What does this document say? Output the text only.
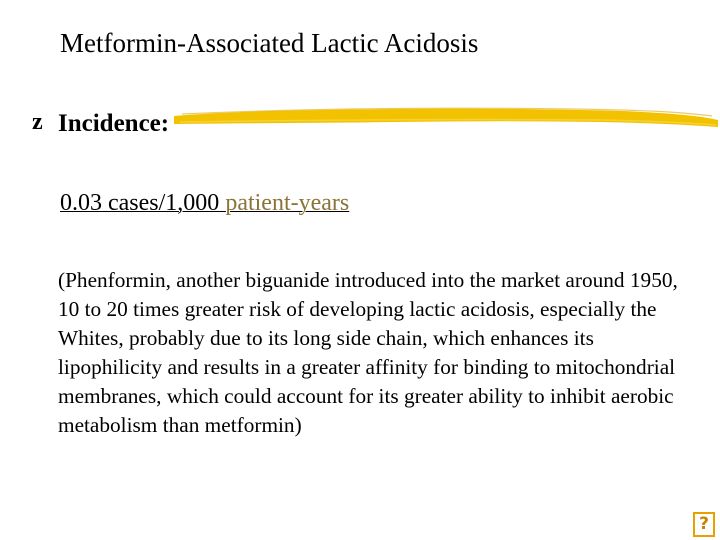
Metformin-Associated Lactic Acidosis
z Incidence:
0.03 cases/1,000 patient-years
(Phenformin, another biguanide introduced into the market around 1950, 10 to 20 times greater risk of developing lactic acidosis, especially the Whites, probably due to its long side chain, which enhances its lipophilicity and results in a greater affinity for binding to mitochondrial membranes, which could account for its greater ability to inhibit aerobic metabolism than metformin)
?
